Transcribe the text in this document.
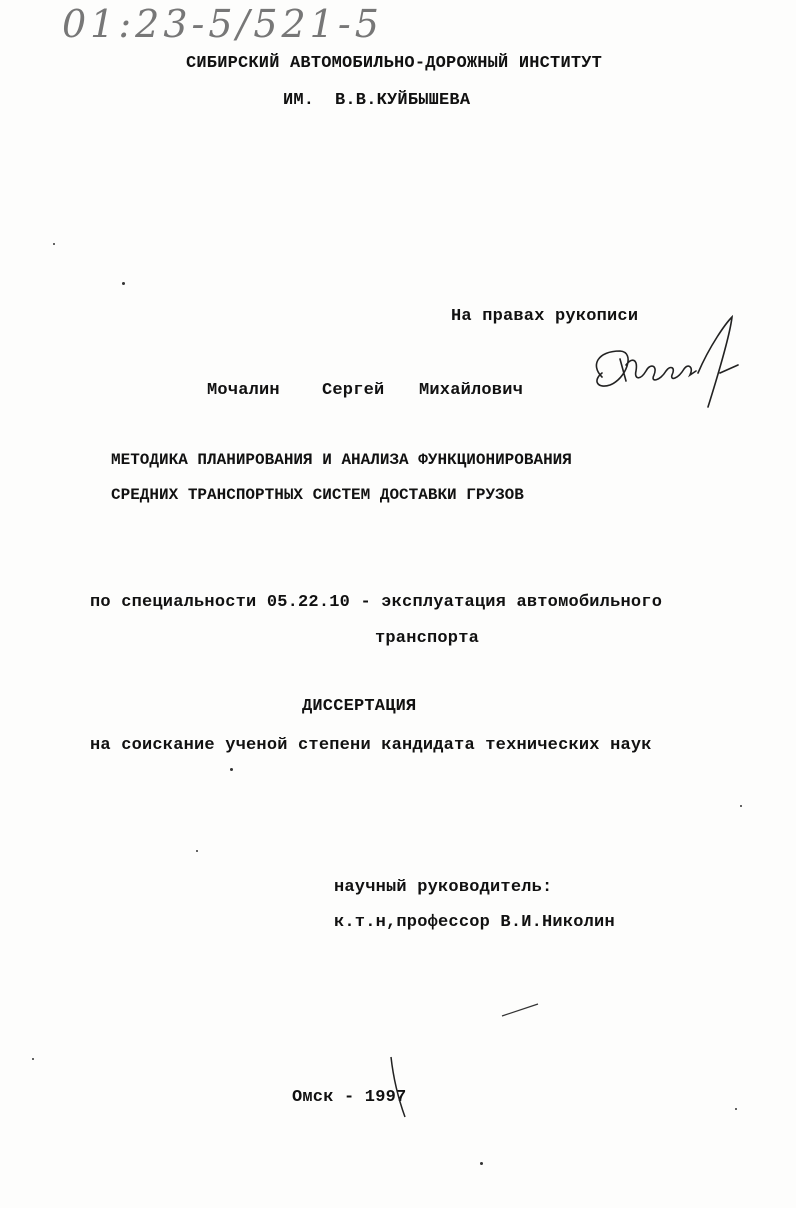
01:23-5/521-5
СИБИРСКИЙ АВТОМОБИЛЬНО-ДОРОЖНЫЙ ИНСТИТУТ
ИМ.  В.В.КУЙБЫШЕВА
На правах рукописи
Мочалин Сергей Михайлович
МЕТОДИКА ПЛАНИРОВАНИЯ И АНАЛИЗА ФУНКЦИОНИРОВАНИЯ
СРЕДНИХ ТРАНСПОРТНЫХ СИСТЕМ ДОСТАВКИ ГРУЗОВ
по специальности 05.22.10 - эксплуатация автомобильного
транспорта
ДИССЕРТАЦИЯ
на соискание ученой степени кандидата технических наук
научный руководитель:
к.т.н,профессор В.И.Николин
Омск - 1997
